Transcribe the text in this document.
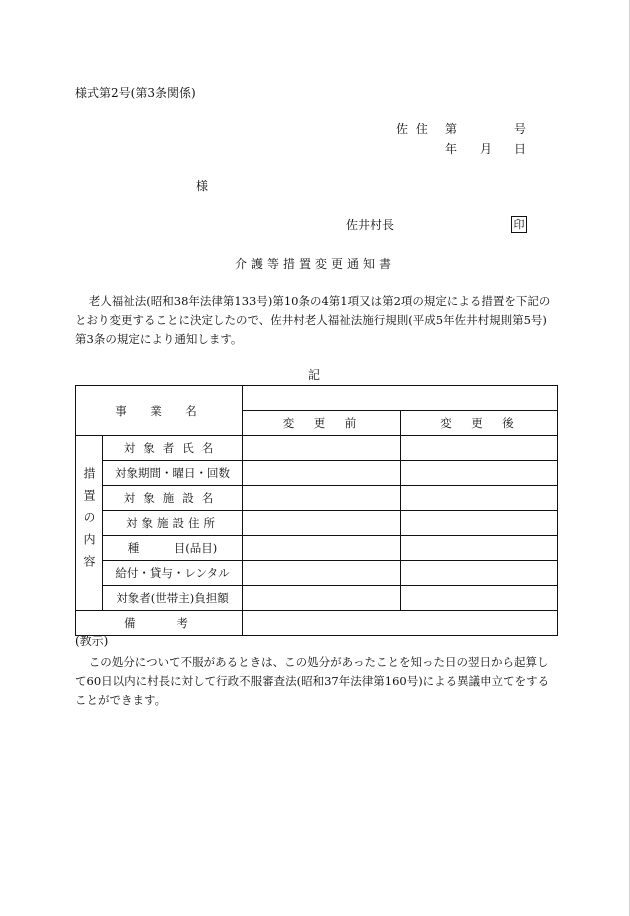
様式第2号(第3条関係)
佐 住 第	号
年 月 日
様
佐井村長	印
介護等措置変更通知書

老人福祉法(昭和38年法律第133号)第10条の4第1項又は第2項の規定による措置を下記のとおり変更することに決定したので、佐井村老人福祉法施行規則(平成5年佐井村規則第5号)第3条の規定により通知します。

記
事　業　名			
		変　更　前	変　更　後
措置の内容	対象者氏名		
	対象期間・曜日・回数		
	対象施設名		
	対象施設住所		
	種　　　目(品目)		
	給付・貸与・レンタル		
	対象者(世帯主)負担額		
備　　考			
(教示)

この処分について不服があるときは、この処分があったことを知った日の翌日から起算して60日以内に村長に対して行政不服審査法(昭和37年法律第160号)による異議申立てをすることができます。
